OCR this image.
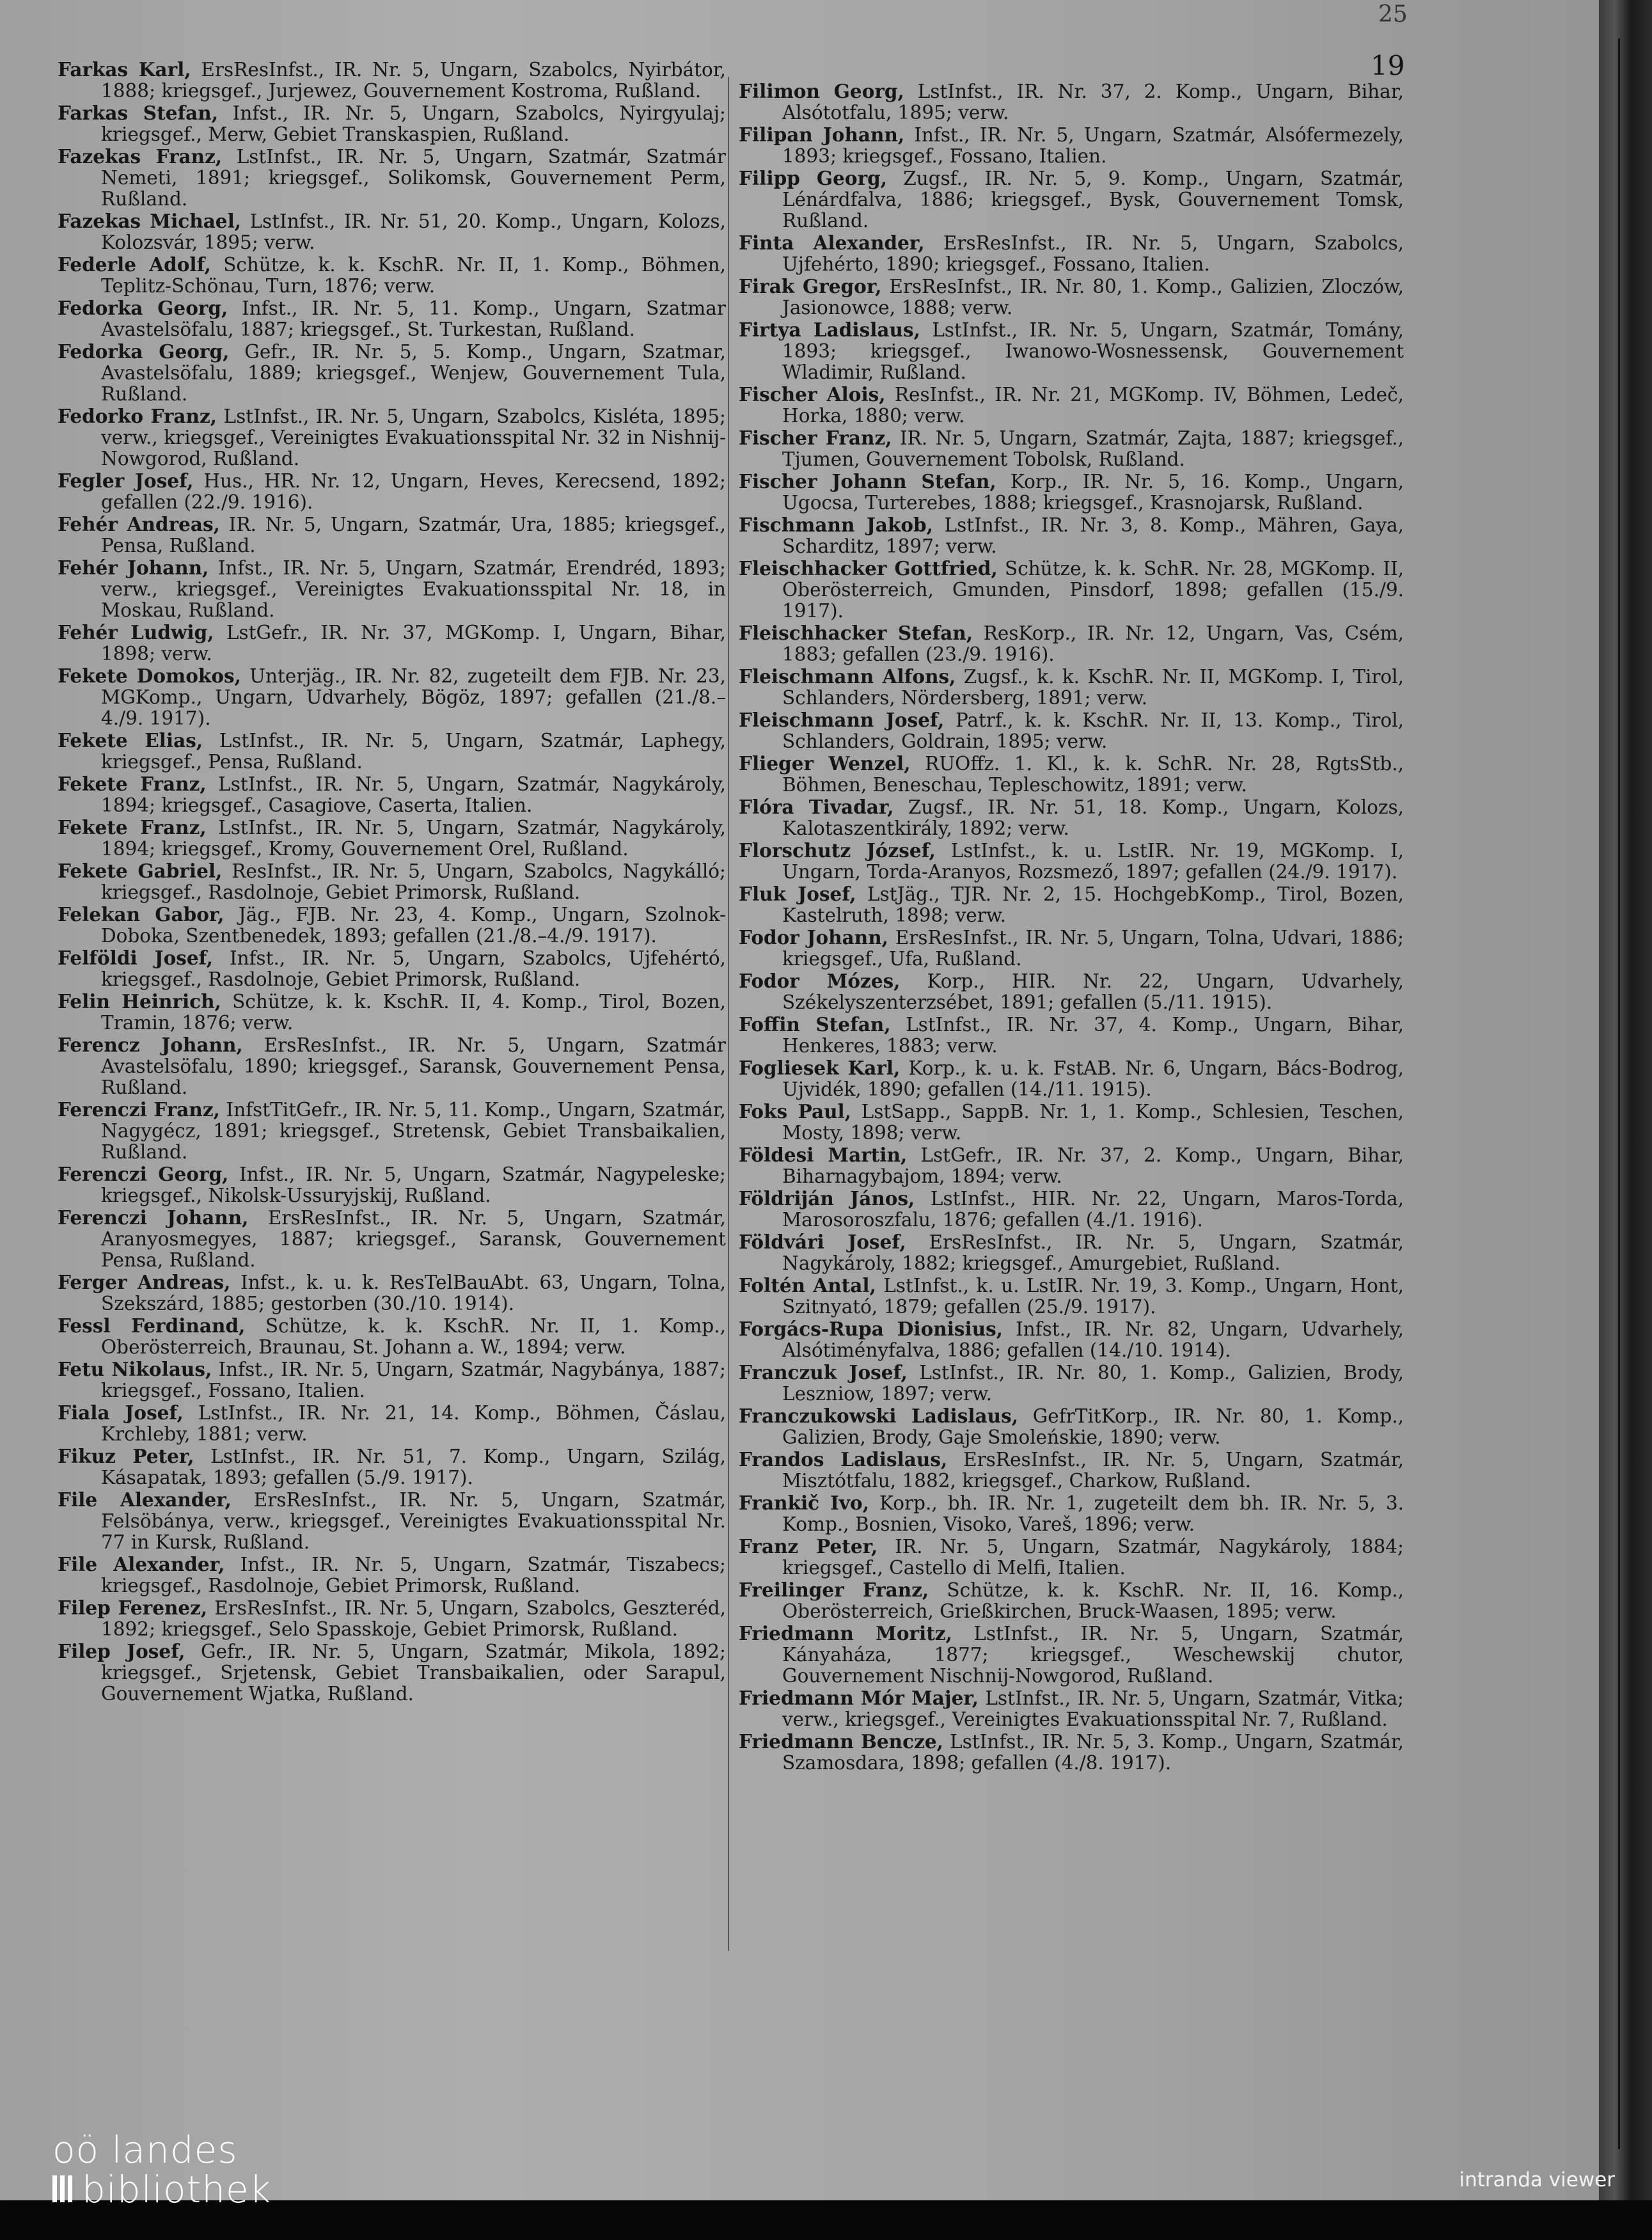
25
19
Farkas Karl, ErsResInfst., IR. Nr. 5, Ungarn, Szabolcs, Nyirbátor, 1888; kriegsgef., Jurjewez, Gouvernement Kostroma, Rußland.
Farkas Stefan, Infst., IR. Nr. 5, Ungarn, Szabolcs, Nyirgyulaj; kriegsgef., Merw, Gebiet Transkaspien, Rußland.
Fazekas Franz, LstInfst., IR. Nr. 5, Ungarn, Szatmár, Szatmár Nemeti, 1891; kriegsgef., Solikomsk, Gouvernement Perm, Rußland.
Fazekas Michael, LstInfst., IR. Nr. 51, 20. Komp., Ungarn, Kolozs, Kolozsvár, 1895; verw.
Federle Adolf, Schütze, k. k. KschR. Nr. II, 1. Komp., Böhmen, Teplitz-Schönau, Turn, 1876; verw.
Fedorka Georg, Infst., IR. Nr. 5, 11. Komp., Ungarn, Szatmar Avastelsöfalu, 1887; kriegsgef., St. Turkestan, Rußland.
Fedorka Georg, Gefr., IR. Nr. 5, 5. Komp., Ungarn, Szatmar, Avastelsöfalu, 1889; kriegsgef., Wenjew, Gouvernement Tula, Rußland.
Fedorko Franz, LstInfst., IR. Nr. 5, Ungarn, Szabolcs, Kisléta, 1895; verw., kriegsgef., Vereinigtes Evakuationsspital Nr. 32 in Nishnij-Nowgorod, Rußland.
Fegler Josef, Hus., HR. Nr. 12, Ungarn, Heves, Kerecsend, 1892; gefallen (22./9. 1916).
Fehér Andreas, IR. Nr. 5, Ungarn, Szatmár, Ura, 1885; kriegsgef., Pensa, Rußland.
Fehér Johann, Infst., IR. Nr. 5, Ungarn, Szatmár, Erendréd, 1893; verw., kriegsgef., Vereinigtes Evakuationsspital Nr. 18, in Moskau, Rußland.
Fehér Ludwig, LstGefr., IR. Nr. 37, MGKomp. I, Ungarn, Bihar, 1898; verw.
Fekete Domokos, Unterjäg., IR. Nr. 82, zugeteilt dem FJB. Nr. 23, MGKomp., Ungarn, Udvarhely, Bögöz, 1897; gefallen (21./8.–4./9. 1917).
Fekete Elias, LstInfst., IR. Nr. 5, Ungarn, Szatmár, Laphegy, kriegsgef., Pensa, Rußland.
Fekete Franz, LstInfst., IR. Nr. 5, Ungarn, Szatmár, Nagykároly, 1894; kriegsgef., Casagiove, Caserta, Italien.
Fekete Franz, LstInfst., IR. Nr. 5, Ungarn, Szatmár, Nagykároly, 1894; kriegsgef., Kromy, Gouvernement Orel, Rußland.
Fekete Gabriel, ResInfst., IR. Nr. 5, Ungarn, Szabolcs, Nagykálló; kriegsgef., Rasdolnoje, Gebiet Primorsk, Rußland.
Felekan Gabor, Jäg., FJB. Nr. 23, 4. Komp., Ungarn, Szolnok-Doboka, Szentbenedek, 1893; gefallen (21./8.–4./9. 1917).
Felföldi Josef, Infst., IR. Nr. 5, Ungarn, Szabolcs, Ujfehértó, kriegsgef., Rasdolnoje, Gebiet Primorsk, Rußland.
Felin Heinrich, Schütze, k. k. KschR. II, 4. Komp., Tirol, Bozen, Tramin, 1876; verw.
Ferencz Johann, ErsResInfst., IR. Nr. 5, Ungarn, Szatmár Avastelsöfalu, 1890; kriegsgef., Saransk, Gouvernement Pensa, Rußland.
Ferenczi Franz, InfstTitGefr., IR. Nr. 5, 11. Komp., Ungarn, Szatmár, Nagygécz, 1891; kriegsgef., Stretensk, Gebiet Transbaikalien, Rußland.
Ferenczi Georg, Infst., IR. Nr. 5, Ungarn, Szatmár, Nagypeleske; kriegsgef., Nikolsk-Ussuryjskij, Rußland.
Ferenczi Johann, ErsResInfst., IR. Nr. 5, Ungarn, Szatmár, Aranyosmegyes, 1887; kriegsgef., Saransk, Gouvernement Pensa, Rußland.
Ferger Andreas, Infst., k. u. k. ResTelBauAbt. 63, Ungarn, Tolna, Szekszárd, 1885; gestorben (30./10. 1914).
Fessl Ferdinand, Schütze, k. k. KschR. Nr. II, 1. Komp., Oberösterreich, Braunau, St. Johann a. W., 1894; verw.
Fetu Nikolaus, Infst., IR. Nr. 5, Ungarn, Szatmár, Nagybánya, 1887; kriegsgef., Fossano, Italien.
Fiala Josef, LstInfst., IR. Nr. 21, 14. Komp., Böhmen, Čáslau, Krchleby, 1881; verw.
Fikuz Peter, LstInfst., IR. Nr. 51, 7. Komp., Ungarn, Szilág, Kásapatak, 1893; gefallen (5./9. 1917).
File Alexander, ErsResInfst., IR. Nr. 5, Ungarn, Szatmár, Felsöbánya, verw., kriegsgef., Vereinigtes Evakuationsspital Nr. 77 in Kursk, Rußland.
File Alexander, Infst., IR. Nr. 5, Ungarn, Szatmár, Tiszabecs; kriegsgef., Rasdolnoje, Gebiet Primorsk, Rußland.
Filep Ferenez, ErsResInfst., IR. Nr. 5, Ungarn, Szabolcs, Geszteréd, 1892; kriegsgef., Selo Spasskoje, Gebiet Primorsk, Rußland.
Filep Josef, Gefr., IR. Nr. 5, Ungarn, Szatmár, Mikola, 1892; kriegsgef., Srjetensk, Gebiet Transbaikalien, oder Sarapul, Gouvernement Wjatka, Rußland.
Filimon Georg, LstInfst., IR. Nr. 37, 2. Komp., Ungarn, Bihar, Alsótotfalu, 1895; verw.
Filipan Johann, Infst., IR. Nr. 5, Ungarn, Szatmár, Alsófermezely, 1893; kriegsgef., Fossano, Italien.
Filipp Georg, Zugsf., IR. Nr. 5, 9. Komp., Ungarn, Szatmár, Lénárdfalva, 1886; kriegsgef., Bysk, Gouvernement Tomsk, Rußland.
Finta Alexander, ErsResInfst., IR. Nr. 5, Ungarn, Szabolcs, Ujfehérto, 1890; kriegsgef., Fossano, Italien.
Firak Gregor, ErsResInfst., IR. Nr. 80, 1. Komp., Galizien, Zloczów, Jasionowce, 1888; verw.
Firtya Ladislaus, LstInfst., IR. Nr. 5, Ungarn, Szatmár, Tomány, 1893; kriegsgef., Iwanowo-Wosnessensk, Gouvernement Wladimir, Rußland.
Fischer Alois, ResInfst., IR. Nr. 21, MGKomp. IV, Böhmen, Ledeč, Horka, 1880; verw.
Fischer Franz, IR. Nr. 5, Ungarn, Szatmár, Zajta, 1887; kriegsgef., Tjumen, Gouvernement Tobolsk, Rußland.
Fischer Johann Stefan, Korp., IR. Nr. 5, 16. Komp., Ungarn, Ugocsa, Turterebes, 1888; kriegsgef., Krasnojarsk, Rußland.
Fischmann Jakob, LstInfst., IR. Nr. 3, 8. Komp., Mähren, Gaya, Scharditz, 1897; verw.
Fleischhacker Gottfried, Schütze, k. k. SchR. Nr. 28, MGKomp. II, Oberösterreich, Gmunden, Pinsdorf, 1898; gefallen (15./9. 1917).
Fleischhacker Stefan, ResKorp., IR. Nr. 12, Ungarn, Vas, Csém, 1883; gefallen (23./9. 1916).
Fleischmann Alfons, Zugsf., k. k. KschR. Nr. II, MGKomp. I, Tirol, Schlanders, Nördersberg, 1891; verw.
Fleischmann Josef, Patrf., k. k. KschR. Nr. II, 13. Komp., Tirol, Schlanders, Goldrain, 1895; verw.
Flieger Wenzel, RUOffz. 1. Kl., k. k. SchR. Nr. 28, RgtsStb., Böhmen, Beneschau, Tepleschowitz, 1891; verw.
Flóra Tivadar, Zugsf., IR. Nr. 51, 18. Komp., Ungarn, Kolozs, Kalotaszentkirály, 1892; verw.
Florschutz József, LstInfst., k. u. LstIR. Nr. 19, MGKomp. I, Ungarn, Torda-Aranyos, Rozsmező, 1897; gefallen (24./9. 1917).
Fluk Josef, LstJäg., TJR. Nr. 2, 15. HochgebKomp., Tirol, Bozen, Kastelruth, 1898; verw.
Fodor Johann, ErsResInfst., IR. Nr. 5, Ungarn, Tolna, Udvari, 1886; kriegsgef., Ufa, Rußland.
Fodor Mózes, Korp., HIR. Nr. 22, Ungarn, Udvarhely, Székelyszenterzsébet, 1891; gefallen (5./11. 1915).
Foffin Stefan, LstInfst., IR. Nr. 37, 4. Komp., Ungarn, Bihar, Henkeres, 1883; verw.
Fogliesek Karl, Korp., k. u. k. FstAB. Nr. 6, Ungarn, Bács-Bodrog, Ujvidék, 1890; gefallen (14./11. 1915).
Foks Paul, LstSapp., SappB. Nr. 1, 1. Komp., Schlesien, Teschen, Mosty, 1898; verw.
Földesi Martin, LstGefr., IR. Nr. 37, 2. Komp., Ungarn, Bihar, Biharnagybajom, 1894; verw.
Földriján János, LstInfst., HIR. Nr. 22, Ungarn, Maros-Torda, Marosoroszfalu, 1876; gefallen (4./1. 1916).
Földvári Josef, ErsResInfst., IR. Nr. 5, Ungarn, Szatmár, Nagykároly, 1882; kriegsgef., Amurgebiet, Rußland.
Foltén Antal, LstInfst., k. u. LstIR. Nr. 19, 3. Komp., Ungarn, Hont, Szitnyató, 1879; gefallen (25./9. 1917).
Forgács-Rupa Dionisius, Infst., IR. Nr. 82, Ungarn, Udvarhely, Alsótiményfalva, 1886; gefallen (14./10. 1914).
Franczuk Josef, LstInfst., IR. Nr. 80, 1. Komp., Galizien, Brody, Leszniow, 1897; verw.
Franczukowski Ladislaus, GefrTitKorp., IR. Nr. 80, 1. Komp., Galizien, Brody, Gaje Smoleńskie, 1890; verw.
Frandos Ladislaus, ErsResInfst., IR. Nr. 5, Ungarn, Szatmár, Misztótfalu, 1882, kriegsgef., Charkow, Rußland.
Frankič Ivo, Korp., bh. IR. Nr. 1, zugeteilt dem bh. IR. Nr. 5, 3. Komp., Bosnien, Visoko, Vareš, 1896; verw.
Franz Peter, IR. Nr. 5, Ungarn, Szatmár, Nagykároly, 1884; kriegsgef., Castello di Melfi, Italien.
Freilinger Franz, Schütze, k. k. KschR. Nr. II, 16. Komp., Oberösterreich, Grießkirchen, Bruck-Waasen, 1895; verw.
Friedmann Moritz, LstInfst., IR. Nr. 5, Ungarn, Szatmár, Kányaháza, 1877; kriegsgef., Weschewskij chutor, Gouvernement Nischnij-Nowgorod, Rußland.
Friedmann Mór Majer, LstInfst., IR. Nr. 5, Ungarn, Szatmár, Vitka; verw., kriegsgef., Vereinigtes Evakuationsspital Nr. 7, Rußland.
Friedmann Bencze, LstInfst., IR. Nr. 5, 3. Komp., Ungarn, Szatmár, Szamosdara, 1898; gefallen (4./8. 1917).
oö landes
bibliothek	intranda viewer
